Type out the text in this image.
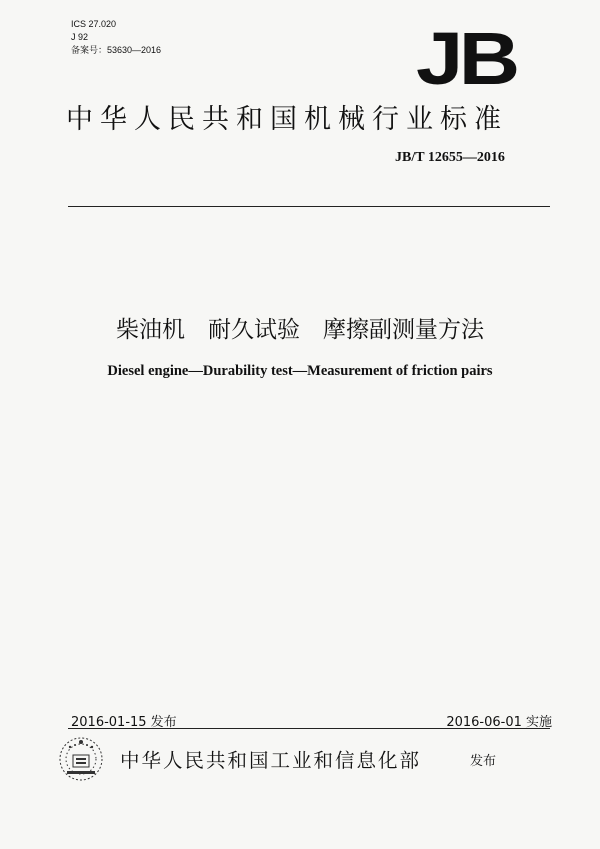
ICS 27.020
J 92
备案号：53630—2016	JB
中华人民共和国机械行业标准
JB/T 12655—2016
柴油机　耐久试验　摩擦副测量方法
Diesel engine—Durability test—Measurement of friction pairs
2016-01-15 发布	2016-06-01 实施
中华人民共和国工业和信息化部	发布
